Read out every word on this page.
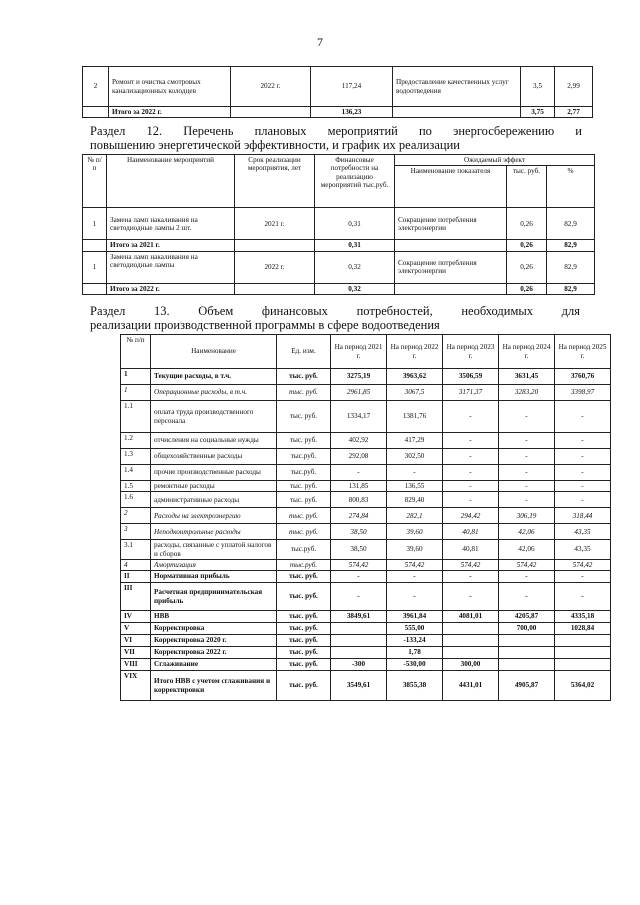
7
2	Ремонт и очистка смотровых канализационных колодцев	2022 г.	117,24	Предоставление качественных услуг водоотведения	3,5	2,99
	Итого за 2022 г.		136,23		3,75	2,77
Раздел 12. Перечень плановых мероприятий по энергосбережению и
повышению энергетической эффективности, и график их реализации
№ п/п	Наименование мероприятий	Срок реализации мероприятия, лет	Финансовые потребности на реализацию мероприятий тыс.руб.	Ожидаемый эффект		
				Наименование показателя	тыс. руб.	%
1	Замена ламп накаливания на светодиодные лампы 2 шт.	2021 г.	0,31	Сокращение потребления электроэнергии	0,26	82,9
	Итого за 2021 г.		0,31		0,26	82,9
1	Замена ламп накаливания на светодиодные лампы	2022 г.	0,32	Сокращение потребления электроэнергии	0,26	82,9
	Итого за 2022 г.		0,32		0,26	82,9
Раздел 13. Объем финансовых потребностей, необходимых для
реализации производственной программы в сфере водоотведения
№ п/п	Наименование	Ед. изм.	На период 2021 г.	На период 2022 г.	На период 2023 г.	На период 2024 г.	На период 2025 г.
1	Текущие расходы, в т.ч.	тыс. руб.	3275,19	3963,62	3506,59	3631,45	3760,76
1	Операционные расходы, в т.ч.	тыс. руб.	2961,85	3067,5	3171,37	3283,20	3398,97
1.1	оплата труда производственного персонала	тыс. руб.	1334,17	1381,76	-	-	-
1.2	отчисления на социальные нужды	тыс. руб.	402,92	417,29	-	-	-
1.3	общехозяйственные расходы	тыс.руб.	292,08	302,50	-	-	-
1.4	прочие производственные расходы	тыс.руб.	-	-	-	-	-
1.5	ремонтные расходы	тыс. руб.	131,85	136,55	-	-	-
1.6	административные расходы	тыс. руб.	800,83	829,40	-	-	-
2	Расходы на электроэнергию	тыс. руб.	274,84	282,1	294,42	306,19	318,44
3	Неподконтрольные расходы	тыс. руб.	38,50	39,60	40,81	42,06	43,35
3.1	расходы, связанные с уплатой налогов и сборов	тыс.руб.	38,50	39,60	40,81	42,06	43,35
4	Амортизация	тыс.руб.	574,42	574,42	574,42	574,42	574,42
II	Нормативная прибыль	тыс. руб.	-	-	-	-	-
III	Расчетная предпринимательская прибыль	тыс. руб.	-	-	-	-	-
IV	НВВ	тыс. руб.	3849,61	3961,84	4081,01	4205,87	4335,18
V	Корректировка	тыс. руб.		555,00		700,00	1028,84
VI	Корректировка 2020 г.	тыс. руб.		-133,24			
VII	Корректировка 2022 г.	тыс. руб.		1,78			
VIII	Сглаживание	тыс. руб.	-300	-530,00	300,00		
VIX	Итого НВВ с учетом сглаживания и корректировки	тыс. руб.	3549,61	3855,38	4431,01	4905,87	5364,02
